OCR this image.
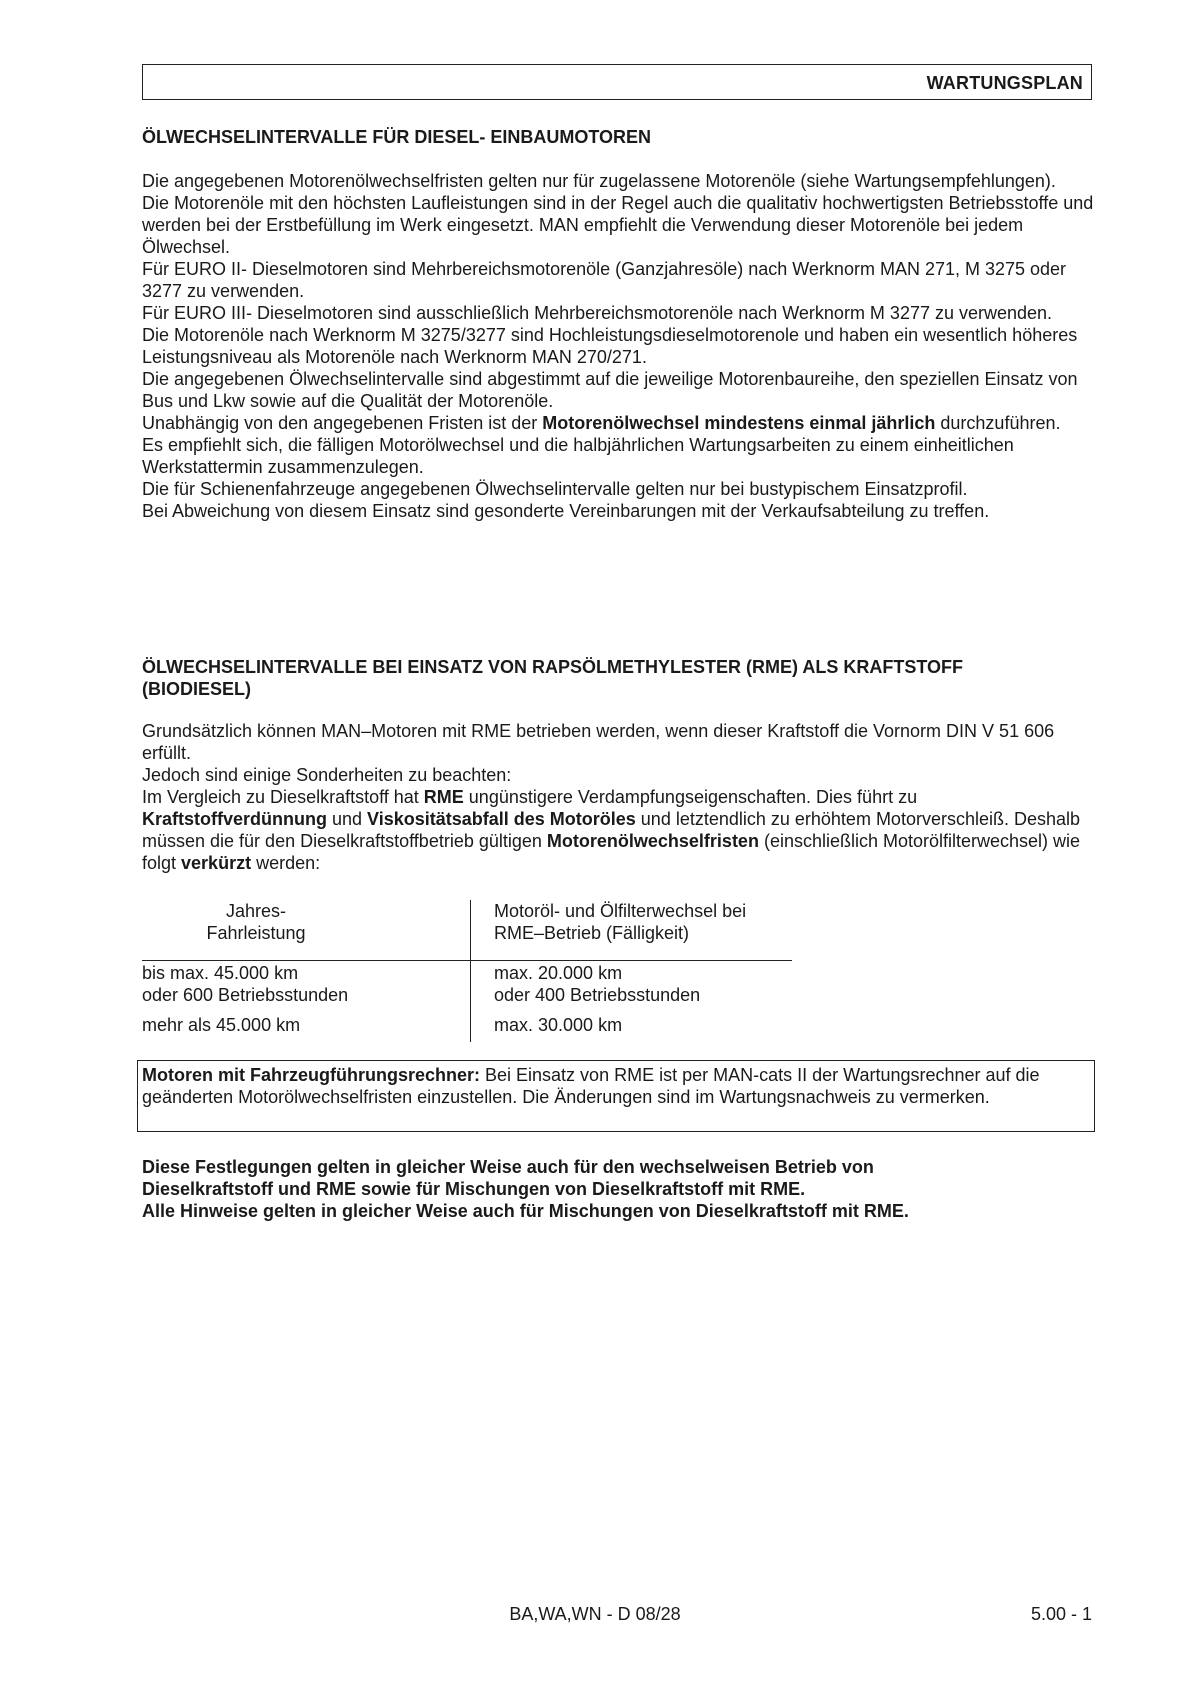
WARTUNGSPLAN
ÖLWECHSELINTERVALLE FÜR DIESEL- EINBAUMOTOREN

Die angegebenen Motorenölwechselfristen gelten nur für zugelassene Motorenöle (siehe Wartungsempfehlungen).

Die Motorenöle mit den höchsten Laufleistungen sind in der Regel auch die qualitativ hochwertigsten Betriebsstoffe und werden bei der Erstbefüllung im Werk eingesetzt. MAN empfiehlt die Verwendung dieser Motorenöle bei jedem Ölwechsel.

Für EURO II- Dieselmotoren sind Mehrbereichsmotorenöle (Ganzjahresöle) nach Werknorm MAN 271, M 3275 oder 3277 zu verwenden.

Für EURO III- Dieselmotoren sind ausschließlich Mehrbereichsmotorenöle nach Werknorm M 3277 zu verwenden.

Die Motorenöle nach Werknorm M 3275/3277 sind Hochleistungsdieselmotorenole und haben ein wesentlich höheres Leistungsniveau als Motorenöle nach Werknorm MAN 270/271.

Die angegebenen Ölwechselintervalle sind abgestimmt auf die jeweilige Motorenbaureihe, den speziellen Einsatz von Bus und Lkw sowie auf die Qualität der Motorenöle.

Unabhängig von den angegebenen Fristen ist der Motorenölwechsel mindestens einmal jährlich durchzuführen.

Es empfiehlt sich, die fälligen Motorölwechsel und die halbjährlichen Wartungsarbeiten zu einem einheitlichen Werkstattermin zusammenzulegen.

Die für Schienenfahrzeuge angegebenen Ölwechselintervalle gelten nur bei bustypischem Einsatzprofil.

Bei Abweichung von diesem Einsatz sind gesonderte Vereinbarungen mit der Verkaufsabteilung zu treffen.

ÖLWECHSELINTERVALLE BEI EINSATZ VON RAPSÖLMETHYLESTER (RME) ALS KRAFTSTOFF
(BIODIESEL)

Grundsätzlich können MAN–Motoren mit RME betrieben werden, wenn dieser Kraftstoff die Vornorm DIN V 51 606 erfüllt.

Jedoch sind einige Sonderheiten zu beachten:

Im Vergleich zu Dieselkraftstoff hat RME ungünstigere Verdampfungseigenschaften. Dies führt zu Kraftstoffverdünnung und Viskositätsabfall des Motoröles und letztendlich zu erhöhtem Motorverschleiß. Deshalb müssen die für den Dieselkraftstoffbetrieb gültigen Motorenölwechselfristen (einschließlich Motorölfilterwechsel) wie folgt verkürzt werden:

Jahres-
Fahrleistung
Motoröl- und Ölfilterwechsel bei
RME–Betrieb (Fälligkeit)
bis max. 45.000 km
oder 600 Betriebsstunden
max. 20.000 km
oder 400 Betriebsstunden
mehr als 45.000 km	max. 30.000 km
Motoren mit Fahrzeugführungsrechner: Bei Einsatz von RME ist per MAN-cats II der Wartungsrechner auf die geänderten Motorölwechselfristen einzustellen. Die Änderungen sind im Wartungsnachweis zu vermerken.
Diese Festlegungen gelten in gleicher Weise auch für den wechselweisen Betrieb von
Dieselkraftstoff und RME sowie für Mischungen von Dieselkraftstoff mit RME.
Alle Hinweise gelten in gleicher Weise auch für Mischungen von Dieselkraftstoff mit RME.
BA,WA,WN - D 08/28	5.00 - 1
